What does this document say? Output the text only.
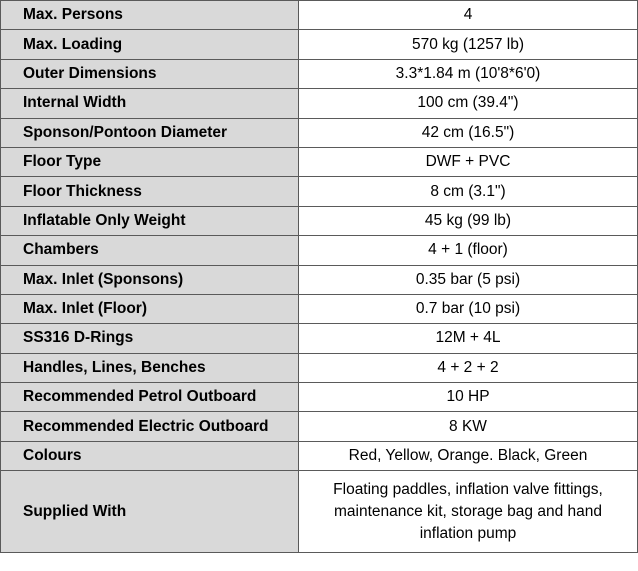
Max. Persons	4
Max. Loading	570 kg (1257 lb)
Outer Dimensions	3.3*1.84 m (10'8*6'0)
Internal Width	100 cm (39.4")
Sponson/Pontoon Diameter	42 cm (16.5")
Floor Type	DWF + PVC
Floor Thickness	8 cm (3.1")
Inflatable Only Weight	45 kg (99 lb)
Chambers	4 + 1 (floor)
Max. Inlet (Sponsons)	0.35 bar (5 psi)
Max. Inlet (Floor)	0.7 bar (10 psi)
SS316 D-Rings	12M + 4L
Handles, Lines, Benches	4 + 2 + 2
Recommended Petrol Outboard	10 HP
Recommended Electric Outboard	8 KW
Colours	Red, Yellow, Orange. Black, Green
Supplied With	Floating paddles, inflation valve fittings, maintenance kit, storage bag and hand inflation pump
